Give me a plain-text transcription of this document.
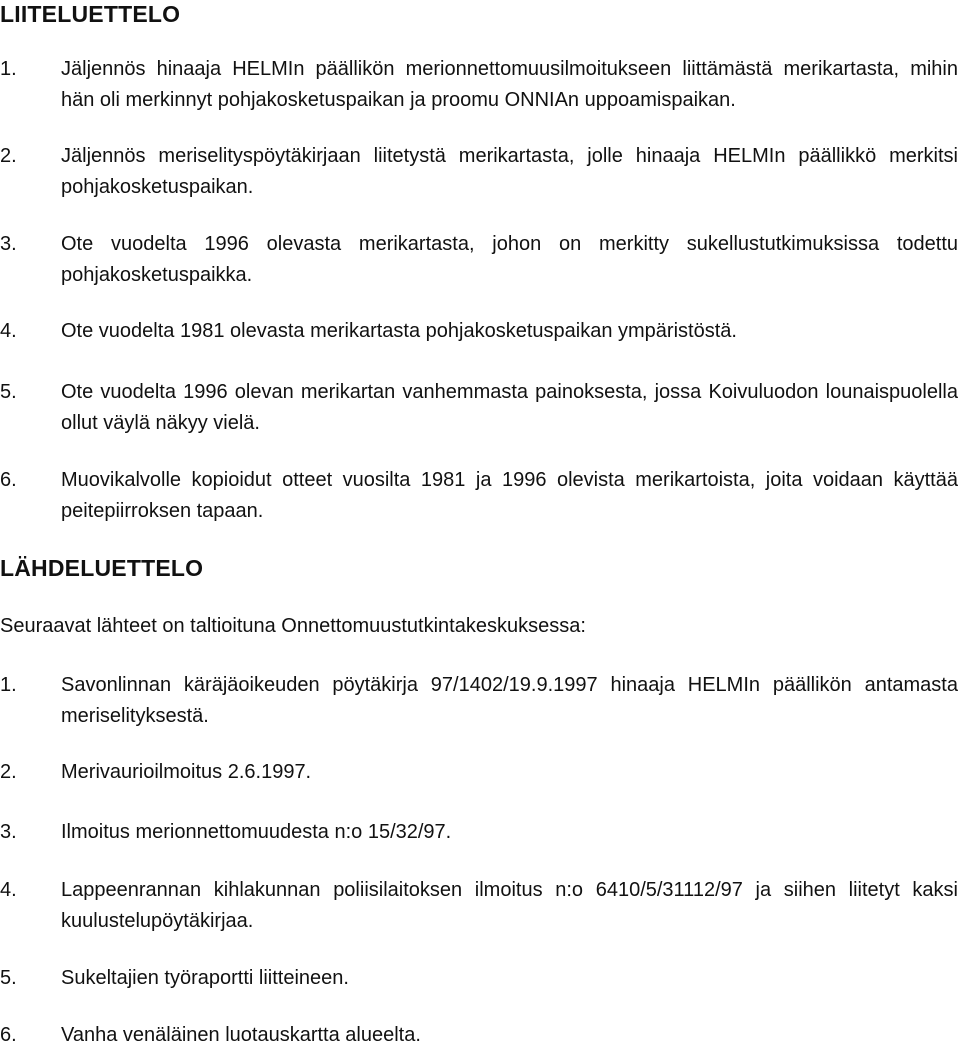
LIITELUETTELO
1. Jäljennös hinaaja HELMIn päällikön merionnettomuusilmoitukseen liittämästä merikartasta, mihin hän oli merkinnyt pohjakosketuspaikan ja proomu ONNIAn uppoamispaikan.
2. Jäljennös meriselityspöytäkirjaan liitetystä merikartasta, jolle hinaaja HELMIn päällikkö merkitsi pohjakosketuspaikan.
3. Ote vuodelta 1996 olevasta merikartasta, johon on merkitty sukellustutkimuksissa todettu pohjakosketuspaikka.
4. Ote vuodelta 1981 olevasta merikartasta pohjakosketuspaikan ympäristöstä.
5. Ote vuodelta 1996 olevan merikartan vanhemmasta painoksesta, jossa Koivuluodon lounaispuolella ollut väylä näkyy vielä.
6. Muovikalvolle kopioidut otteet vuosilta 1981 ja 1996 olevista merikartoista, joita voidaan käyttää peitepiirroksen tapaan.
LÄHDELUETTELO
Seuraavat lähteet on taltioituna Onnettomuustutkintakeskuksessa:
1. Savonlinnan käräjäoikeuden pöytäkirja 97/1402/19.9.1997 hinaaja HELMIn päällikön antamasta meriselityksestä.
2. Merivaurioilmoitus 2.6.1997.
3. Ilmoitus merionnettomuudesta n:o 15/32/97.
4. Lappeenrannan kihlakunnan poliisilaitoksen ilmoitus n:o 6410/5/31112/97 ja siihen liitetyt kaksi kuulustelupöytäkirjaa.
5. Sukeltajien työraportti liitteineen.
6. Vanha venäläinen luotauskartta alueelta.
